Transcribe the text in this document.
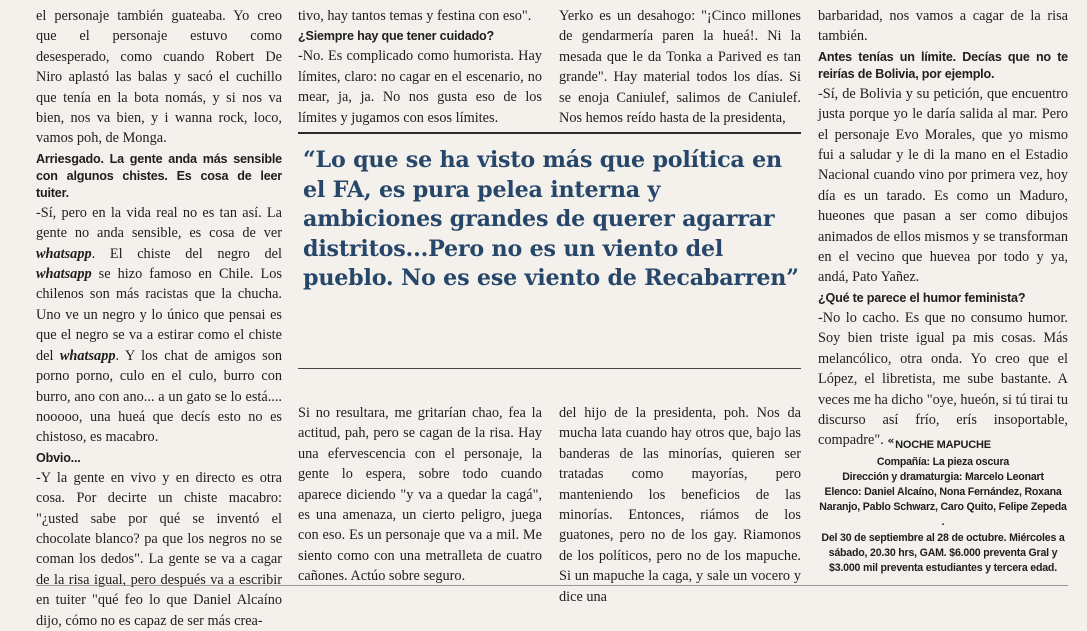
el personaje también guateaba. Yo creo que el personaje estuvo como desesperado, como cuando Robert De Niro aplastó las balas y sacó el cuchillo que tenía en la bota nomás, y si nos va bien, nos va bien, y i wanna rock, loco, vamos poh, de Monga.

Arriesgado. La gente anda más sensible con algunos chistes. Es cosa de leer tuiter.

-Sí, pero en la vida real no es tan así. La gente no anda sensible, es cosa de ver whatsapp. El chiste del negro del whatsapp se hizo famoso en Chile. Los chilenos son más racistas que la chucha. Uno ve un negro y lo único que pensai es que el negro se va a estirar como el chiste del whatsapp. Y los chat de amigos son porno porno, culo en el culo, burro con burro, ano con ano... a un gato se lo está.... nooooo, una hueá que decís esto no es chistoso, es macabro.

Obvio...

-Y la gente en vivo y en directo es otra cosa. Por decirte un chiste macabro: "¿usted sabe por qué se inventó el chocolate blanco? pa que los negros no se coman los dedos". La gente se va a cagar de la risa igual, pero después va a escribir en tuiter "qué feo lo que Daniel Alcaíno dijo, cómo no es capaz de ser más crea-

tivo, hay tantos temas y festina con eso".

¿Siempre hay que tener cuidado?

-No. Es complicado como humorista. Hay límites, claro: no cagar en el escenario, no mear, ja, ja. No nos gusta eso de los límites y jugamos con esos límites.

Yerko es un desahogo: "¡Cinco millones de gendarmería paren la hueá!. Ni la mesada que le da Tonka a Parived es tan grande". Hay material todos los días. Si se enoja Caniulef, salimos de Caniulef. Nos hemos reído hasta de la presidenta,

“Lo que se ha visto más que política en el FA, es pura pelea interna y ambiciones grandes de querer agarrar distritos...Pero no es un viento del pueblo. No es ese viento de Recabarren”

Si no resultara, me gritarían chao, fea la actitud, pah, pero se cagan de la risa. Hay una efervescencia con el personaje, la gente lo espera, sobre todo cuando aparece diciendo "y va a quedar la cagá", es una amenaza, un cierto peligro, juega con eso. Es un personaje que va a mil. Me siento como con una metralleta de cuatro cañones. Actúo sobre seguro.

del hijo de la presidenta, poh. Nos da mucha lata cuando hay otros que, bajo las banderas de las minorías, quieren ser tratadas como mayorías, pero manteniendo los beneficios de las minorías. Entonces, riámos de los guatones, pero no de los gay. Riamonos de los políticos, pero no de los mapuche. Si un mapuche la caga, y sale un vocero y dice una

barbaridad, nos vamos a cagar de la risa también.

Antes tenías un límite. Decías que no te reirías de Bolivia, por ejemplo.

-Sí, de Bolivia y su petición, que encuentro justa porque yo le daría salida al mar. Pero el personaje Evo Morales, que yo mismo fui a saludar y le di la mano en el Estadio Nacional cuando vino por primera vez, hoy día es un tarado. Es como un Maduro, hueones que pasan a ser como dibujos animados de ellos mismos y se transforman en el vecino que huevea por todo y ya, andá, Pato Yañez.

¿Qué te parece el humor feminista?

-No lo cacho. Es que no consumo humor. Soy bien triste igual pa mis cosas. Más melancólico, otra onda. Yo creo que el López, el libretista, me sube bastante. A veces me ha dicho "oye, hueón, si tú tirai tu discurso así frío, erís insoportable, compadre". « NOCHE MAPUCHE

Compañía: La pieza oscura

Dirección y dramaturgia: Marcelo Leonart

Elenco: Daniel Alcaíno, Nona Fernández, Roxana Naranjo, Pablo Schwarz, Caro Quito, Felipe Zepeda .

Del 30 de septiembre al 28 de octubre. Miércoles a sábado, 20.30 hrs, GAM. $6.000 preventa Gral y $3.000 mil preventa estudiantes y tercera edad.
